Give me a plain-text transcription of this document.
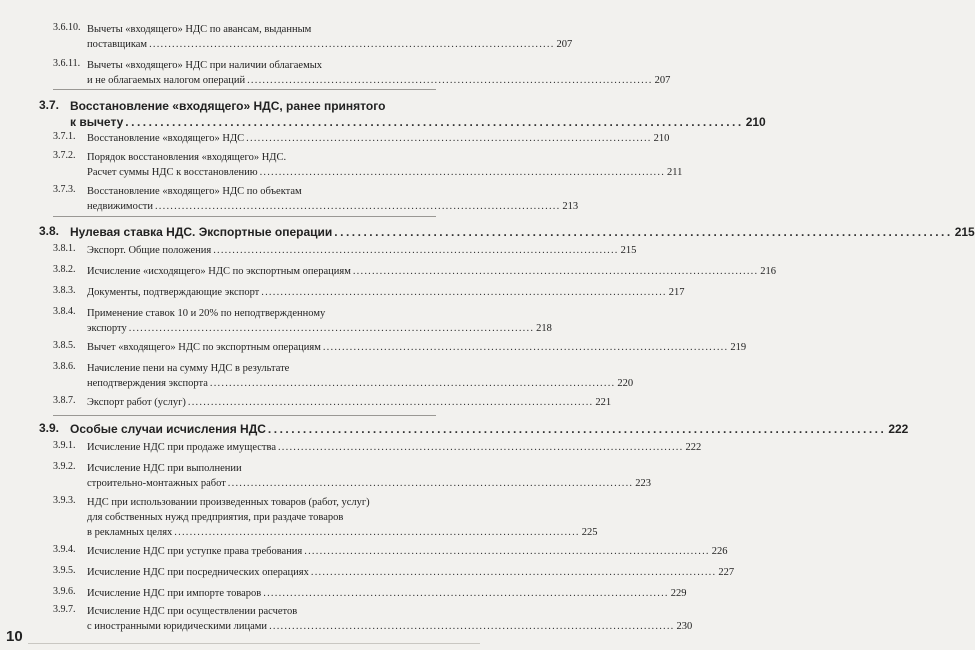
3.6.10. Вычеты «входящего» НДС по авансам, выданным
поставщикам .......................................................................................................... 207
3.6.11. Вычеты «входящего» НДС при наличии облагаемых
и не облагаемых налогом операций .......................................................................................................... 207
3.7. Восстановление «входящего» НДС, ранее принятого
к вычету .......................................................................................................... 210
3.7.1. Восстановление «входящего» НДС .......................................................................................................... 210
3.7.2. Порядок восстановления «входящего» НДС.
Расчет суммы НДС к восстановлению .......................................................................................................... 211
3.7.3. Восстановление «входящего» НДС по объектам
недвижимости .......................................................................................................... 213
3.8. Нулевая ставка НДС. Экспортные операции .......................................................................................................... 215
3.8.1. Экспорт. Общие положения .......................................................................................................... 215
3.8.2. Исчисление «исходящего» НДС по экспортным операциям .......................................................................................................... 216
3.8.3. Документы, подтверждающие экспорт .......................................................................................................... 217
3.8.4. Применение ставок 10 и 20% по неподтвержденному
экспорту .......................................................................................................... 218
3.8.5. Вычет «входящего» НДС по экспортным операциям .......................................................................................................... 219
3.8.6. Начисление пени на сумму НДС в результате
неподтверждения экспорта .......................................................................................................... 220
3.8.7. Экспорт работ (услуг) .......................................................................................................... 221
3.9. Особые случаи исчисления НДС .......................................................................................................... 222
3.9.1. Исчисление НДС при продаже имущества .......................................................................................................... 222
3.9.2. Исчисление НДС при выполнении
строительно-монтажных работ .......................................................................................................... 223
3.9.3. НДС при использовании произведенных товаров (работ, услуг)
для собственных нужд предприятия, при раздаче товаров
в рекламных целях .......................................................................................................... 225
3.9.4. Исчисление НДС при уступке права требования .......................................................................................................... 226
3.9.5. Исчисление НДС при посреднических операциях .......................................................................................................... 227
3.9.6. Исчисление НДС при импорте товаров .......................................................................................................... 229
3.9.7. Исчисление НДС при осуществлении расчетов
с иностранными юридическими лицами .......................................................................................................... 230
10
